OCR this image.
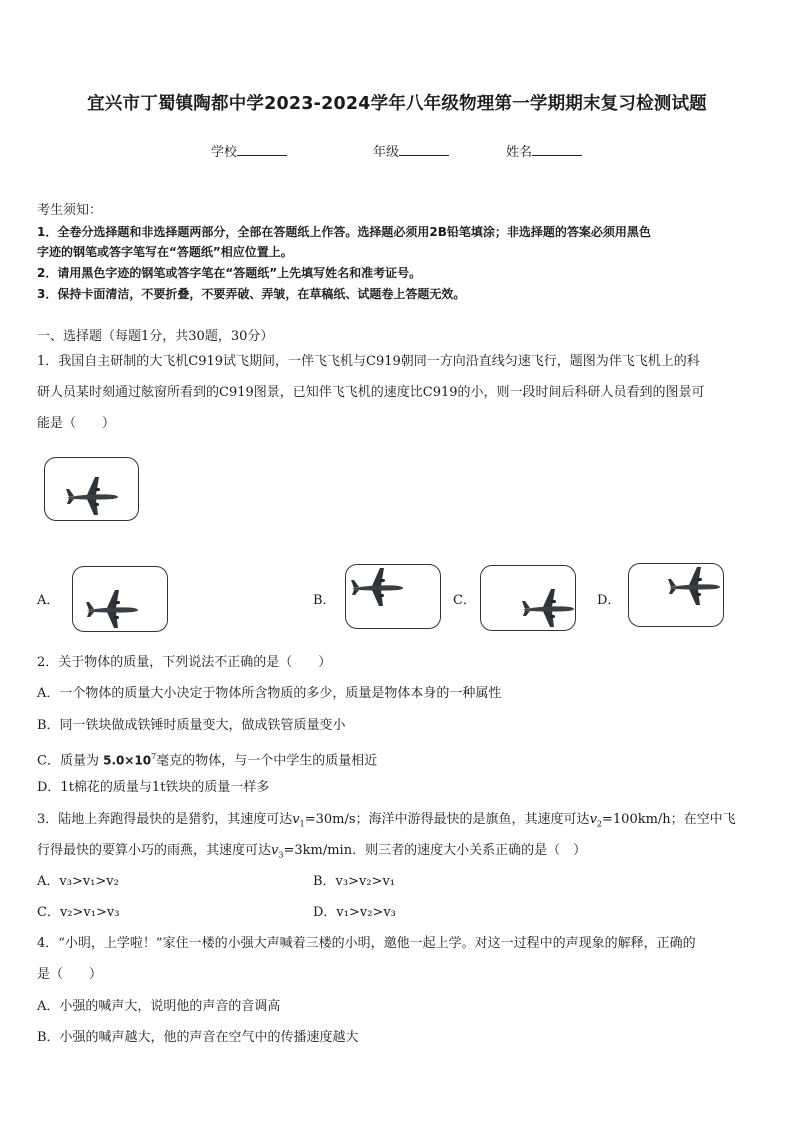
宜兴市丁蜀镇陶都中学2023-2024学年八年级物理第一学期期末复习检测试题
学校	年级	姓名
考生须知：
1．全卷分选择题和非选择题两部分，全部在答题纸上作答。选择题必须用2B铅笔填涂；非选择题的答案必须用黑色
字迹的钢笔或答字笔写在“答题纸”相应位置上。
2．请用黑色字迹的钢笔或答字笔在“答题纸”上先填写姓名和准考证号。
3．保持卡面清洁，不要折叠，不要弄破、弄皱，在草稿纸、试题卷上答题无效。
一、选择题（每题1分，共30题，30分）
1．我国自主研制的大飞机C919试飞期间，一伴飞飞机与C919朝同一方向沿直线匀速飞行，题图为伴飞飞机上的科
研人员某时刻通过舷窗所看到的C919图景，已知伴飞飞机的速度比C919的小，则一段时间后科研人员看到的图景可
能是（　　）
A．	B．	C．	D．
2．关于物体的质量，下列说法不正确的是（　　）
A．一个物体的质量大小决定于物体所含物质的多少，质量是物体本身的一种属性
B．同一铁块做成铁锤时质量变大，做成铁管质量变小
C．质量为 $5.0\times 10^7$毫克的物体，与一个中学生的质量相近
D．1t棉花的质量与1t铁块的质量一样多
3．陆地上奔跑得最快的是猎豹，其速度可达$v_1=30m/s$；海洋中游得最快的是旗鱼，其速度可达$v_2=100km/h$；在空中飞
行得最快的要算小巧的雨燕，其速度可达$v_3=3km/\min$．则三者的速度大小关系正确的是（　）
A．v₃>v₁>v₂	B．v₃>v₂>v₁
C．v₂>v₁>v₃	D．v₁>v₂>v₃
4．“小明，上学啦！”家住一楼的小强大声喊着三楼的小明，邀他一起上学。对这一过程中的声现象的解释，正确的
是（　　）
A．小强的喊声大，说明他的声音的音调高
B．小强的喊声越大，他的声音在空气中的传播速度越大
